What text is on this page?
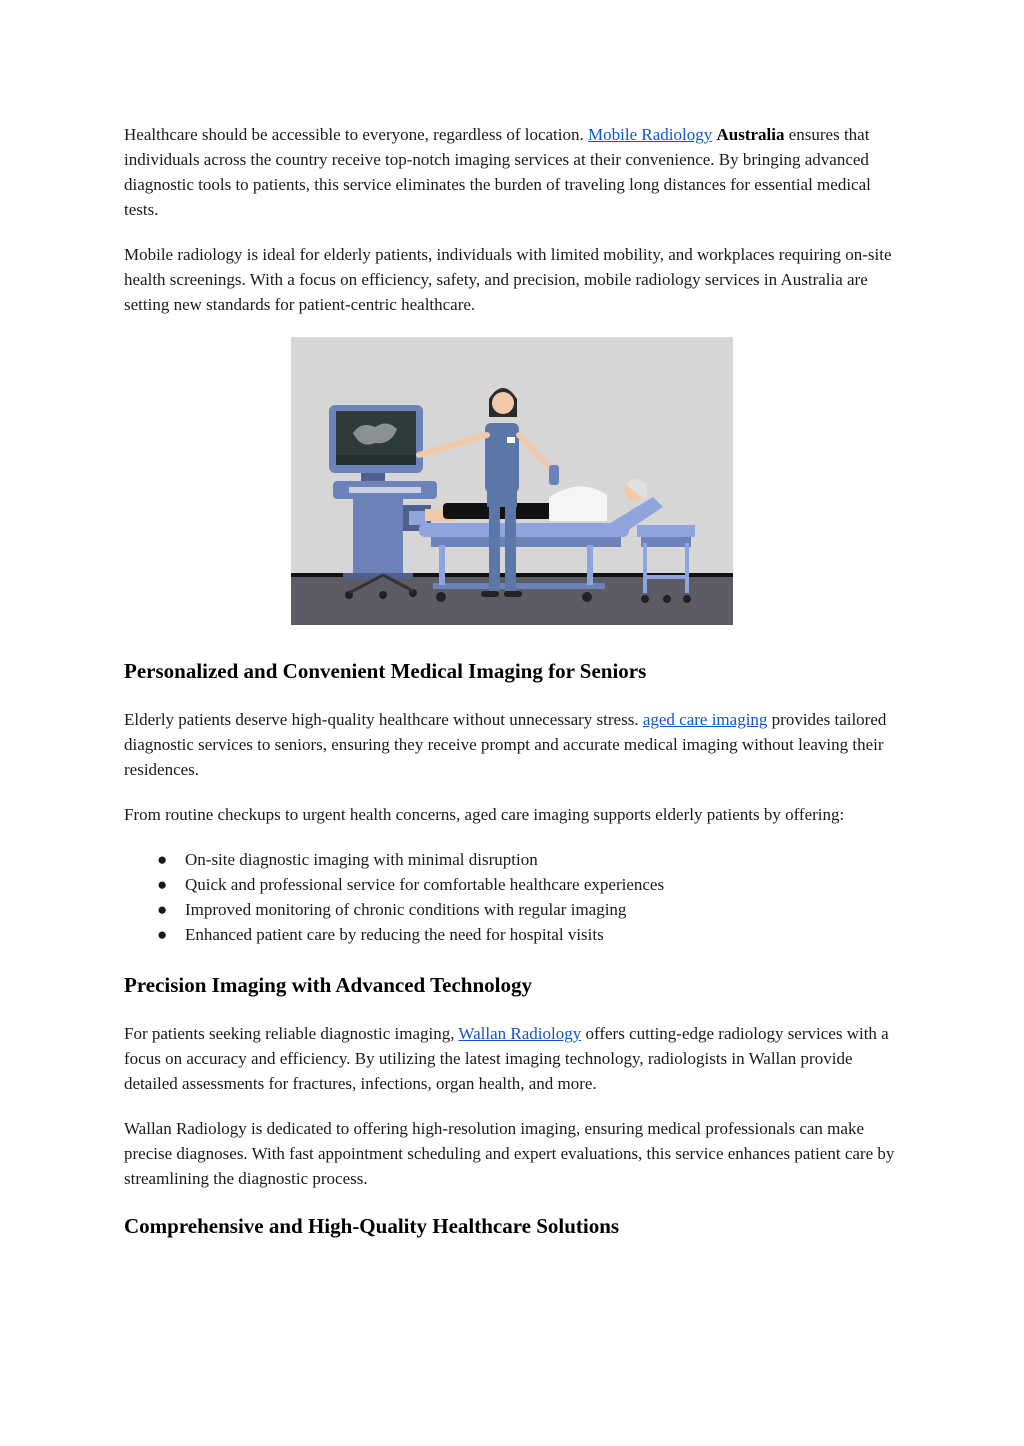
Healthcare should be accessible to everyone, regardless of location. Mobile Radiology Australia ensures that individuals across the country receive top-notch imaging services at their convenience. By bringing advanced diagnostic tools to patients, this service eliminates the burden of traveling long distances for essential medical tests.

Mobile radiology is ideal for elderly patients, individuals with limited mobility, and workplaces requiring on-site health screenings. With a focus on efficiency, safety, and precision, mobile radiology services in Australia are setting new standards for patient-centric healthcare.

Personalized and Convenient Medical Imaging for Seniors

Elderly patients deserve high-quality healthcare without unnecessary stress. aged care imaging provides tailored diagnostic services to seniors, ensuring they receive prompt and accurate medical imaging without leaving their residences.

From routine checkups to urgent health concerns, aged care imaging supports elderly patients by offering:

● On-site diagnostic imaging with minimal disruption
● Quick and professional service for comfortable healthcare experiences
● Improved monitoring of chronic conditions with regular imaging
● Enhanced patient care by reducing the need for hospital visits
Precision Imaging with Advanced Technology

For patients seeking reliable diagnostic imaging, Wallan Radiology offers cutting-edge radiology services with a focus on accuracy and efficiency. By utilizing the latest imaging technology, radiologists in Wallan provide detailed assessments for fractures, infections, organ health, and more.

Wallan Radiology is dedicated to offering high-resolution imaging, ensuring medical professionals can make precise diagnoses. With fast appointment scheduling and expert evaluations, this service enhances patient care by streamlining the diagnostic process.

Comprehensive and High-Quality Healthcare Solutions
